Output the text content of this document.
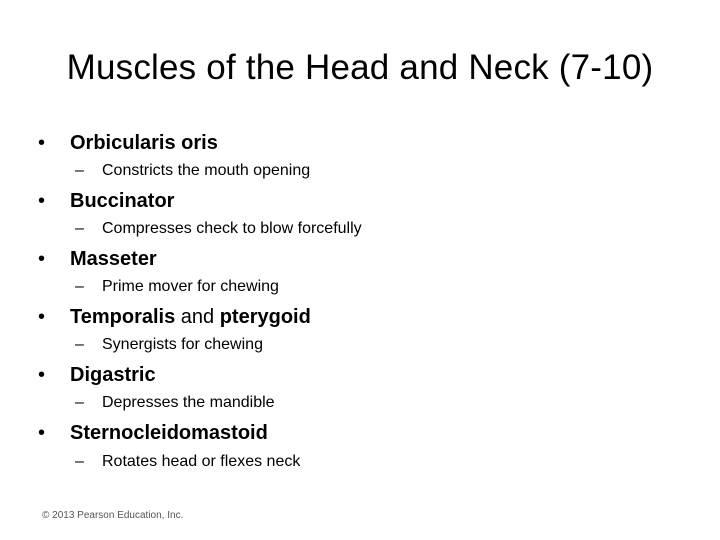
Muscles of the Head and Neck (7-10)
• Orbicularis oris
– Constricts the mouth opening
• Buccinator
– Compresses check to blow forcefully
• Masseter
– Prime mover for chewing
• Temporalis and pterygoid
– Synergists for chewing
• Digastric
– Depresses the mandible
• Sternocleidomastoid
– Rotates head or flexes neck
© 2013 Pearson Education, Inc.
